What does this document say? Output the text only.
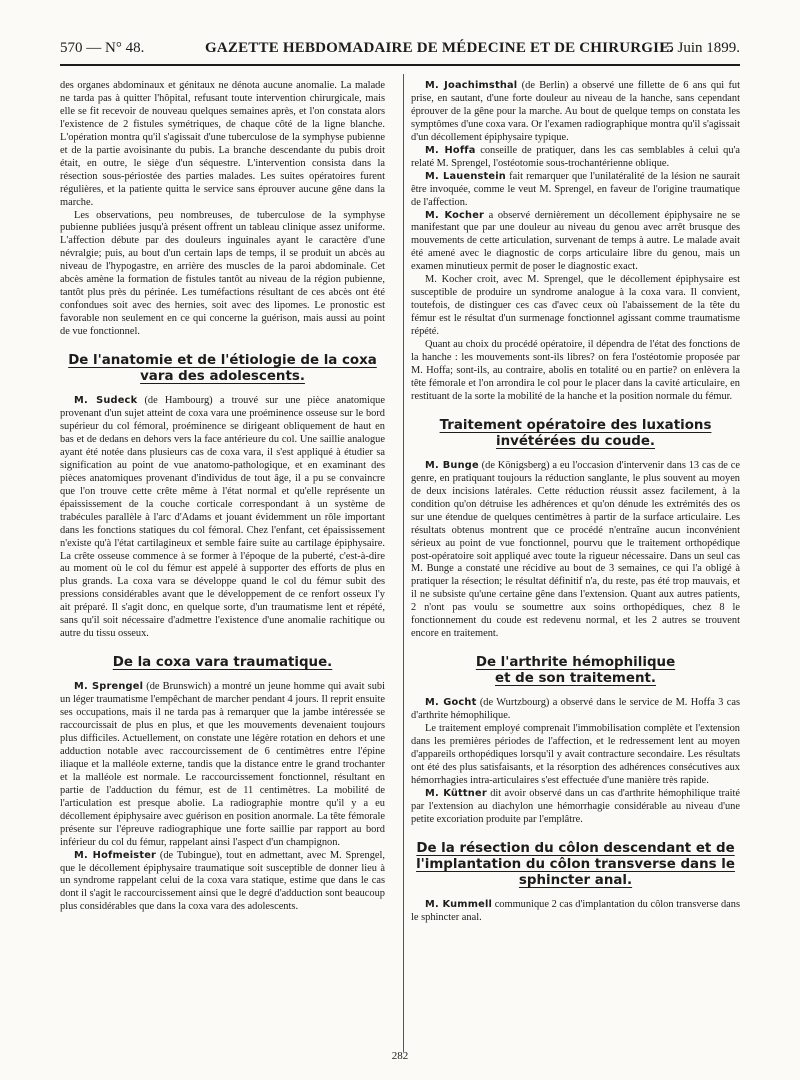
570 — N° 48.	GAZETTE HEBDOMADAIRE DE MÉDECINE ET DE CHIRURGIE.
15 Juin 1899.

des organes abdominaux et génitaux ne dénota aucune anomalie. La malade ne tarda pas à quitter l'hôpital, refusant toute intervention chirurgicale, mais elle se fit recevoir de nouveau quelques semaines après, et l'on constata alors l'existence de 2 fistules symétriques, de chaque côté de la ligne blanche. L'opération montra qu'il s'agissait d'une tuberculose de la symphyse pubienne et de la partie avoisinante du pubis. La branche descendante du pubis droit était, en outre, le siège d'un séquestre. L'intervention consista dans la résection sous-périostée des parties malades. Les suites opératoires furent régulières, et la patiente quitta le service sans éprouver aucune gêne dans la marche.

Les observations, peu nombreuses, de tuberculose de la symphyse pubienne publiées jusqu'à présent offrent un tableau clinique assez uniforme. L'affection débute par des douleurs inguinales ayant le caractère d'une névralgie; puis, au bout d'un certain laps de temps, il se produit un abcès au niveau de l'hypogastre, en arrière des muscles de la paroi abdominale. Cet abcès amène la formation de fistules tantôt au niveau de la région pubienne, tantôt plus près du périnée. Les tuméfactions résultant de ces abcès ont été confondues soit avec des hernies, soit avec des lipomes. Le pronostic est favorable non seulement en ce qui concerne la guérison, mais aussi au point de vue fonctionnel.

De l'anatomie et de l'étiologie de la coxa vara des adolescents.

M. Sudeck (de Hambourg) a trouvé sur une pièce anatomique provenant d'un sujet atteint de coxa vara une proéminence osseuse sur le bord supérieur du col fémoral, proéminence se dirigeant obliquement de haut en bas et de dedans en dehors vers la face antérieure du col. Une saillie analogue ayant été notée dans plusieurs cas de coxa vara, il s'est appliqué à étudier sa signification au point de vue anatomo-pathologique, et en examinant des pièces anatomiques provenant d'individus de tout âge, il a pu se convaincre que l'on trouve cette crête même à l'état normal et qu'elle représente un épaississement de la couche corticale correspondant à un système de trabécules parallèle à l'arc d'Adams et jouant évidemment un rôle important dans les fonctions statiques du col fémoral. Chez l'enfant, cet épaississement n'existe qu'à l'état cartilagineux et semble faire suite au cartilage épiphysaire. La crête osseuse commence à se former à l'époque de la puberté, c'est-à-dire au moment où le col du fémur est appelé à supporter des efforts de plus en plus grands. La coxa vara se développe quand le col du fémur subit des pressions considérables avant que le développement de ce renfort osseux l'y ait préparé. Il s'agit donc, en quelque sorte, d'un traumatisme lent et répété, sans qu'il soit nécessaire d'admettre l'existence d'une anomalie rachitique ou autre du tissu osseux.

De la coxa vara traumatique.

M. Sprengel (de Brunswich) a montré un jeune homme qui avait subi un léger traumatisme l'empêchant de marcher pendant 4 jours. Il reprit ensuite ses occupations, mais il ne tarda pas à remarquer que la jambe intéressée se raccourcissait de plus en plus, et que les mouvements devenaient toujours plus difficiles. Actuellement, on constate une légère rotation en dehors et une adduction notable avec raccourcissement de 6 centimètres entre l'épine iliaque et la malléole externe, tandis que la distance entre le grand trochanter et la malléole est normale. Le raccourcissement fonctionnel, résultant en partie de l'adduction du fémur, est de 11 centimètres. La mobilité de l'articulation est presque abolie. La radiographie montre qu'il y a eu décollement épiphysaire avec guérison en position anormale. La tête fémorale présente sur l'épreuve radiographique une forte saillie par rapport au bord inférieur du col du fémur, rappelant ainsi l'aspect d'un champignon.

M. Hofmeister (de Tubingue), tout en admettant, avec M. Sprengel, que le décollement épiphysaire traumatique soit susceptible de donner lieu à un syndrome rappelant celui de la coxa vara statique, estime que dans le cas dont il s'agit le raccourcissement ainsi que le degré d'adduction sont beaucoup plus considérables que dans la coxa vara des adolescents.

M. Joachimsthal (de Berlin) a observé une fillette de 6 ans qui fut prise, en sautant, d'une forte douleur au niveau de la hanche, sans cependant éprouver de la gêne pour la marche. Au bout de quelque temps on constata les symptômes d'une coxa vara. Or l'examen radiographique montra qu'il s'agissait d'un décollement épiphysaire typique.

M. Hoffa conseille de pratiquer, dans les cas semblables à celui qu'a relaté M. Sprengel, l'ostéotomie sous-trochantérienne oblique.

M. Lauenstein fait remarquer que l'unilatéralité de la lésion ne saurait être invoquée, comme le veut M. Sprengel, en faveur de l'origine traumatique de l'affection.

M. Kocher a observé dernièrement un décollement épiphysaire ne se manifestant que par une douleur au niveau du genou avec arrêt brusque des mouvements de cette articulation, survenant de temps à autre. Le malade avait été amené avec le diagnostic de corps articulaire libre du genou, mais un examen minutieux permit de poser le diagnostic exact.

M. Kocher croit, avec M. Sprengel, que le décollement épiphysaire est susceptible de produire un syndrome analogue à la coxa vara. Il convient, toutefois, de distinguer ces cas d'avec ceux où l'abaissement de la tête du fémur est le résultat d'un surmenage fonctionnel agissant comme traumatisme répété.

Quant au choix du procédé opératoire, il dépendra de l'état des fonctions de la hanche : les mouvements sont-ils libres? on fera l'ostéotomie proposée par M. Hoffa; sont-ils, au contraire, abolis en totalité ou en partie? on enlèvera la tête fémorale et l'on arrondira le col pour le placer dans la cavité articulaire, en restituant de la sorte la mobilité de la hanche et la position normale du fémur.

Traitement opératoire des luxations invétérées du coude.

M. Bunge (de Königsberg) a eu l'occasion d'intervenir dans 13 cas de ce genre, en pratiquant toujours la réduction sanglante, le plus souvent au moyen de deux incisions latérales. Cette réduction réussit assez facilement, à la condition qu'on détruise les adhérences et qu'on dénude les extrémités des os sur une étendue de quelques centimètres à partir de la surface articulaire. Les résultats obtenus montrent que ce procédé n'entraîne aucun inconvénient sérieux au point de vue fonctionnel, pourvu que le traitement orthopédique post-opératoire soit appliqué avec toute la rigueur nécessaire. Dans un seul cas M. Bunge a constaté une récidive au bout de 3 semaines, ce qui l'a obligé à pratiquer la résection; le résultat définitif n'a, du reste, pas été trop mauvais, et il ne subsiste qu'une certaine gêne dans l'extension. Quant aux autres patients, 2 n'ont pas voulu se soumettre aux soins orthopédiques, chez 8 le fonctionnement du coude est redevenu normal, et les 2 autres se trouvent encore en traitement.

De l'arthrite hémophilique
et de son traitement.

M. Gocht (de Wurtzbourg) a observé dans le service de M. Hoffa 3 cas d'arthrite hémophilique.

Le traitement employé comprenait l'immobilisation complète et l'extension dans les premières périodes de l'affection, et le redressement lent au moyen d'appareils orthopédiques lorsqu'il y avait contracture secondaire. Les résultats ont été des plus satisfaisants, et la résorption des adhérences consécutives aux hémorrhagies intra-articulaires s'est effectuée d'une manière très rapide.

M. Küttner dit avoir observé dans un cas d'arthrite hémophilique traité par l'extension au diachylon une hémorrhagie considérable au niveau d'une petite excoriation produite par l'emplâtre.

De la résection du côlon descendant et de l'implantation du côlon transverse dans le sphincter anal.

M. Kummell communique 2 cas d'implantation du côlon transverse dans le sphincter anal.

282
